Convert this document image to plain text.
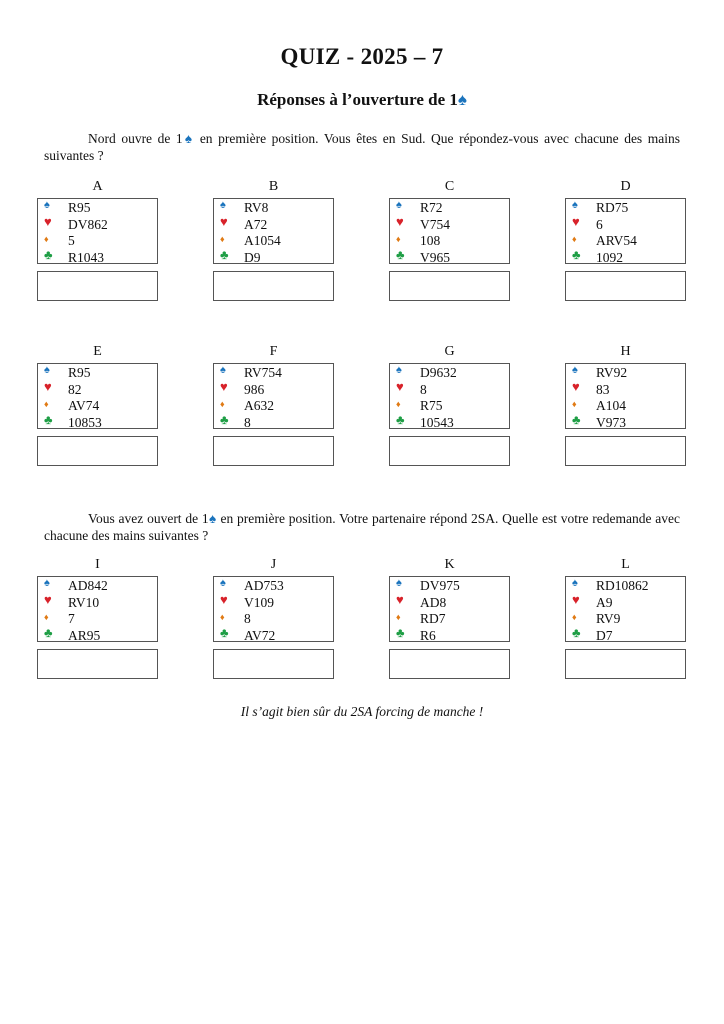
QUIZ - 2025 – 7
Réponses à l’ouverture de 1♠
Nord ouvre de 1♠ en première position. Vous êtes en Sud. Que répondez-vous avec chacune des mains suivantes ?
Vous avez ouvert de 1♠ en première position. Votre partenaire répond 2SA. Quelle est votre redemande avec chacune des mains suivantes ?
A
♠ R95
♥ DV862
♦ 5
♣ R1043
B
♠ RV8
♥ A72
♦ A1054
♣ D9
C
♠ R72
♥ V754
♦ 108
♣ V965
D
♠ RD75
♥ 6
♦ ARV54
♣ 1092
E
♠ R95
♥ 82
♦ AV74
♣ 10853
F
♠ RV754
♥ 986
♦ A632
♣ 8
G
♠ D9632
♥ 8
♦ R75
♣ 10543
H
♠ RV92
♥ 83
♦ A104
♣ V973
I
♠ AD842
♥ RV10
♦ 7
♣ AR95
J
♠ AD753
♥ V109
♦ 8
♣ AV72
K
♠ DV975
♥ AD8
♦ RD7
♣ R6
L
♠ RD10862
♥ A9
♦ RV9
♣ D7
Il s’agit bien sûr du 2SA forcing de manche !
